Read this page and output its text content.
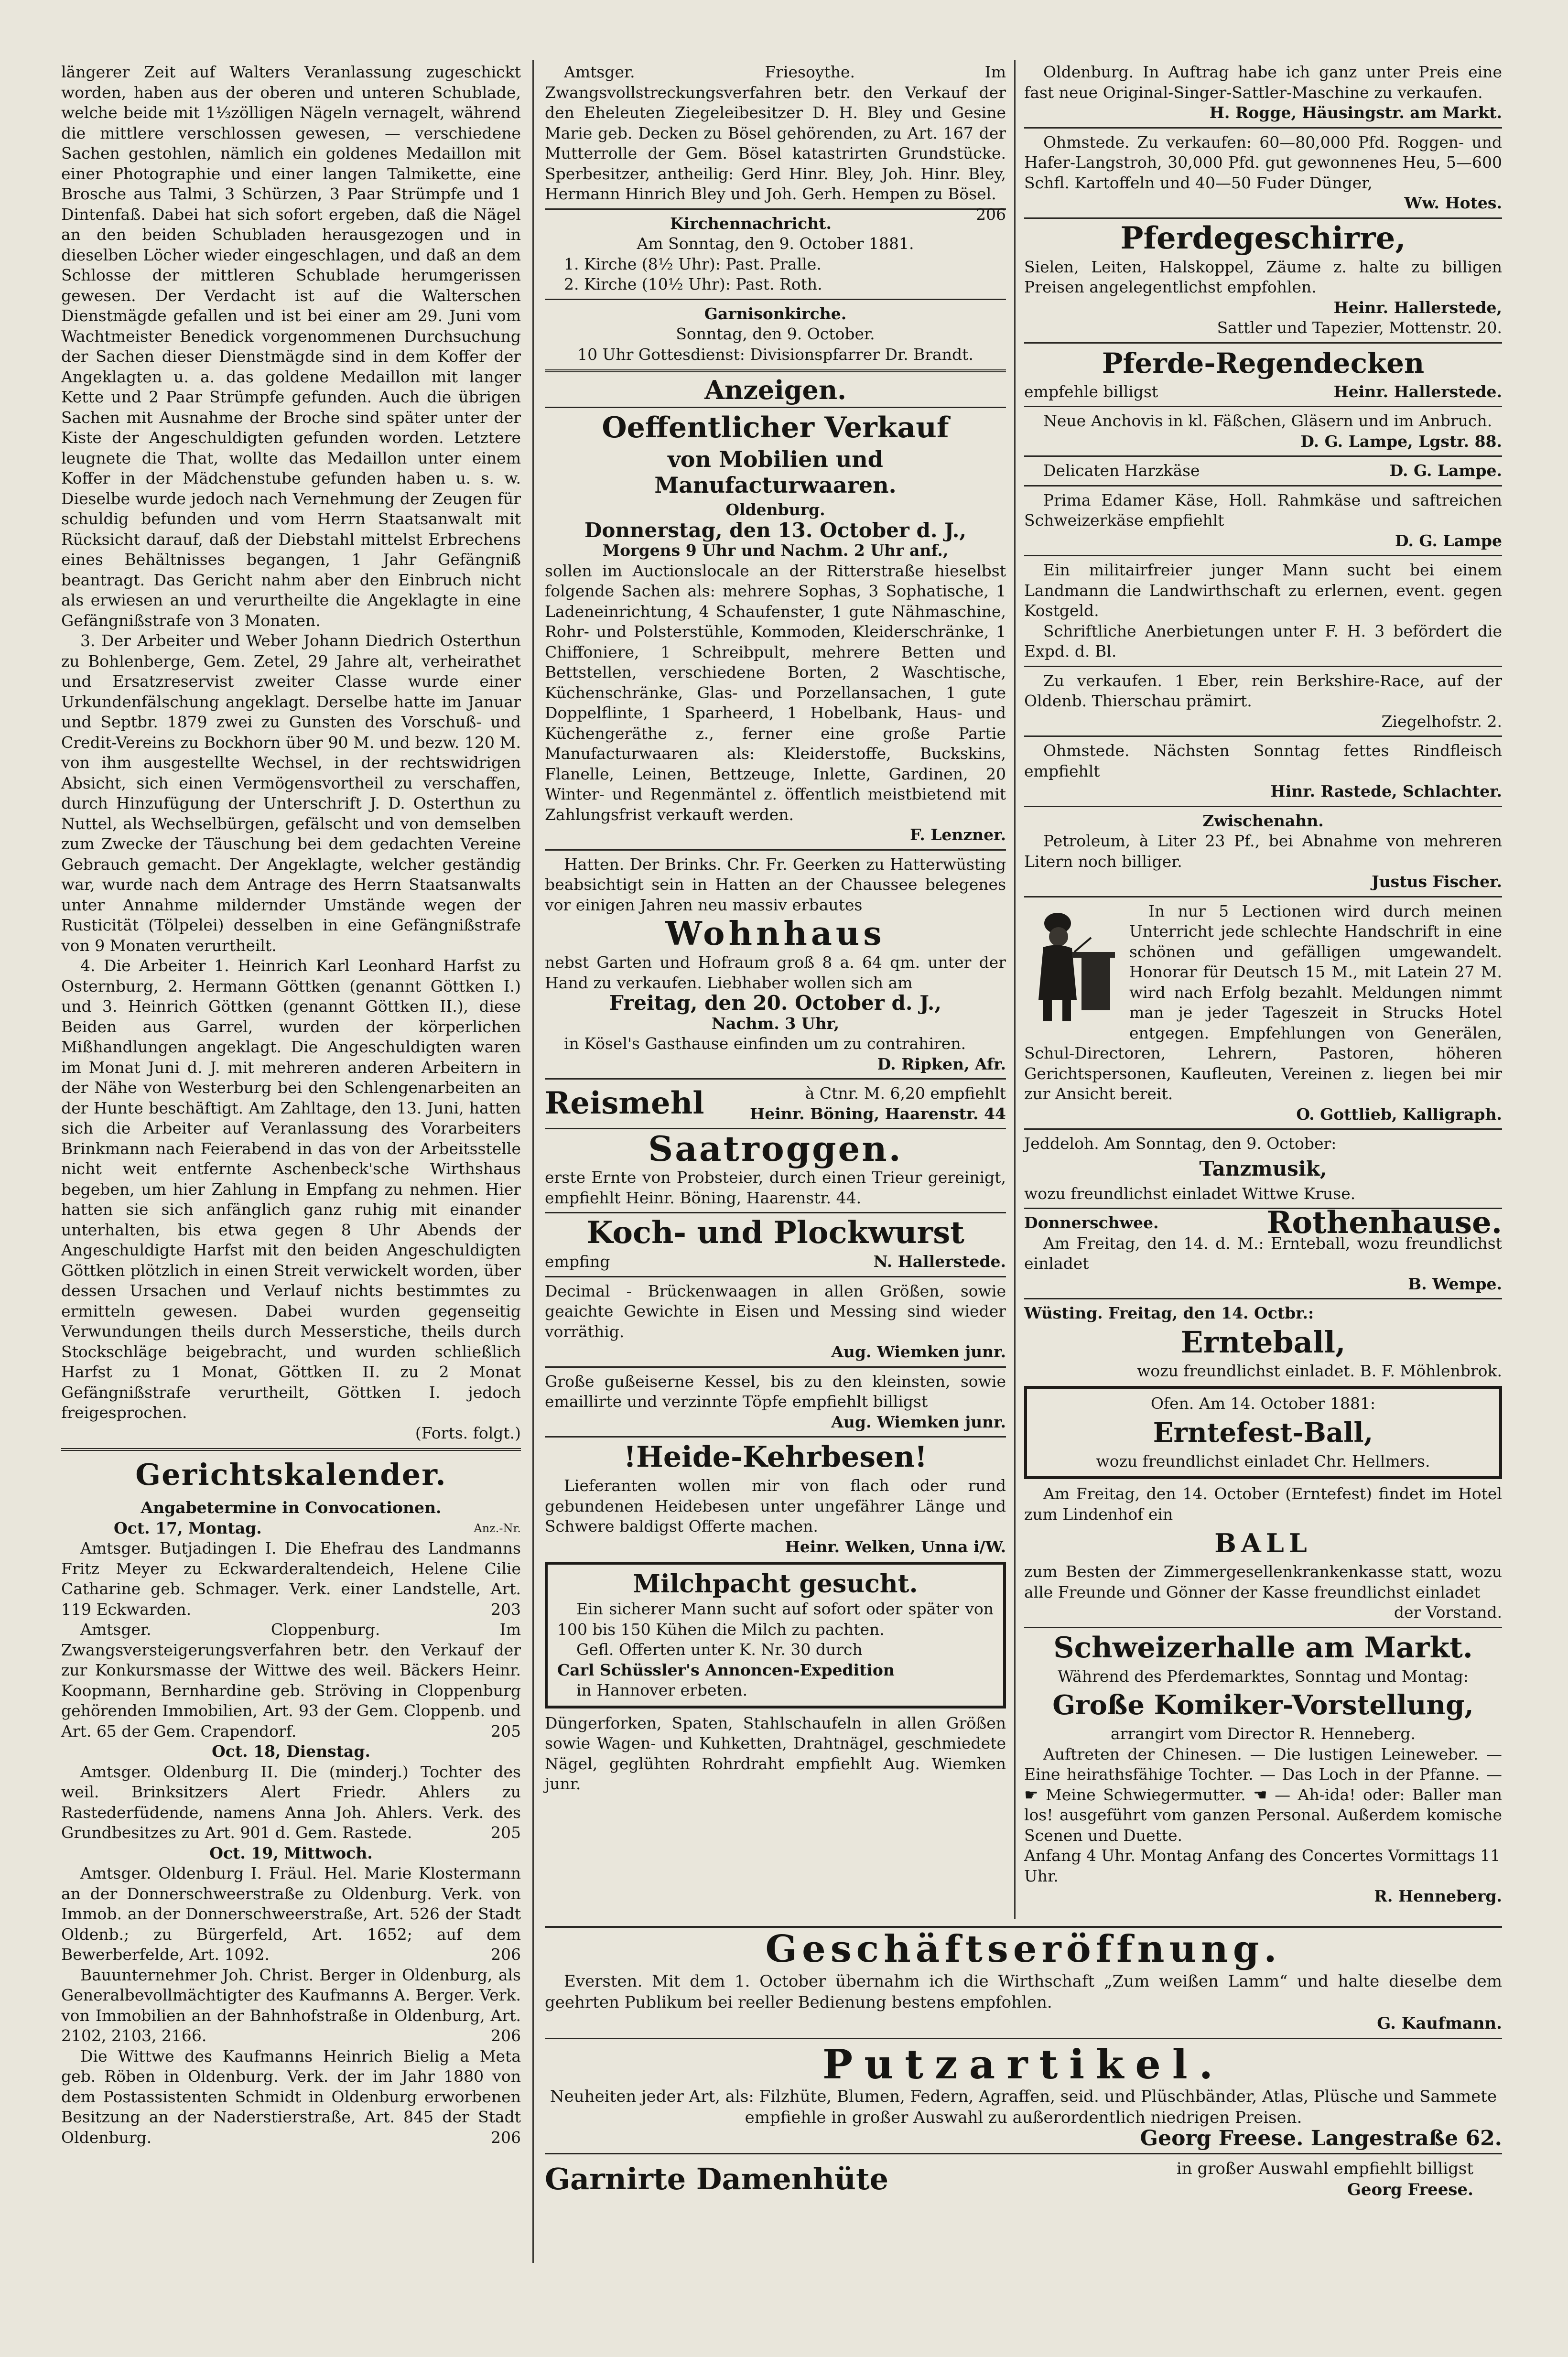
längerer Zeit auf Walters Veranlassung zugeschickt worden, haben aus der oberen und unteren Schublade, welche beide mit 1⅓zölligen Nägeln vernagelt, während die mittlere verschlossen gewesen, — verschiedene Sachen gestohlen, nämlich ein goldenes Medaillon mit einer Photographie und einer langen Talmikette, eine Brosche aus Talmi, 3 Schürzen, 3 Paar Strümpfe und 1 Dintenfaß. Dabei hat sich sofort ergeben, daß die Nägel an den beiden Schubladen herausgezogen und in dieselben Löcher wieder eingeschlagen, und daß an dem Schlosse der mittleren Schublade herumgerissen gewesen. Der Verdacht ist auf die Walterschen Dienstmägde gefallen und ist bei einer am 29. Juni vom Wachtmeister Benedick vorgenommenen Durchsuchung der Sachen dieser Dienstmägde sind in dem Koffer der Angeklagten u. a. das goldene Medaillon mit langer Kette und 2 Paar Strümpfe gefunden. Auch die übrigen Sachen mit Ausnahme der Broche sind später unter der Kiste der Angeschuldigten gefunden worden. Letztere leugnete die That, wollte das Medaillon unter einem Koffer in der Mädchenstube gefunden haben u. s. w. Dieselbe wurde jedoch nach Vernehmung der Zeugen für schuldig befunden und vom Herrn Staatsanwalt mit Rücksicht darauf, daß der Diebstahl mittelst Erbrechens eines Behältnisses begangen, 1 Jahr Gefängniß beantragt. Das Gericht nahm aber den Einbruch nicht als erwiesen an und verurtheilte die Angeklagte in eine Gefängnißstrafe von 3 Monaten.

3. Der Arbeiter und Weber Johann Diedrich Osterthun zu Bohlenberge, Gem. Zetel, 29 Jahre alt, verheirathet und Ersatzreservist zweiter Classe wurde einer Urkundenfälschung angeklagt. Derselbe hatte im Januar und Septbr. 1879 zwei zu Gunsten des Vorschuß- und Credit-Vereins zu Bockhorn über 90 M. und bezw. 120 M. von ihm ausgestellte Wechsel, in der rechtswidrigen Absicht, sich einen Vermögensvortheil zu verschaffen, durch Hinzufügung der Unterschrift J. D. Osterthun zu Nuttel, als Wechselbürgen, gefälscht und von demselben zum Zwecke der Täuschung bei dem gedachten Vereine Gebrauch gemacht. Der Angeklagte, welcher geständig war, wurde nach dem Antrage des Herrn Staatsanwalts unter Annahme mildernder Umstände wegen der Rusticität (Tölpelei) desselben in eine Gefängnißstrafe von 9 Monaten verurtheilt.

4. Die Arbeiter 1. Heinrich Karl Leonhard Harfst zu Osternburg, 2. Hermann Göttken (genannt Göttken I.) und 3. Heinrich Göttken (genannt Göttken II.), diese Beiden aus Garrel, wurden der körperlichen Mißhandlungen angeklagt. Die Angeschuldigten waren im Monat Juni d. J. mit mehreren anderen Arbeitern in der Nähe von Westerburg bei den Schlengenarbeiten an der Hunte beschäftigt. Am Zahltage, den 13. Juni, hatten sich die Arbeiter auf Veranlassung des Vorarbeiters Brinkmann nach Feierabend in das von der Arbeitsstelle nicht weit entfernte Aschenbeck'sche Wirthshaus begeben, um hier Zahlung in Empfang zu nehmen. Hier hatten sie sich anfänglich ganz ruhig mit einander unterhalten, bis etwa gegen 8 Uhr Abends der Angeschuldigte Harfst mit den beiden Angeschuldigten Göttken plötzlich in einen Streit verwickelt worden, über dessen Ursachen und Verlauf nichts bestimmtes zu ermitteln gewesen. Dabei wurden gegenseitig Verwundungen theils durch Messerstiche, theils durch Stockschläge beigebracht, und wurden schließlich Harfst zu 1 Monat, Göttken II. zu 2 Monat Gefängnißstrafe verurtheilt, Göttken I. jedoch freigesprochen.

(Forts. folgt.)

Gerichtskalender.

Angabetermine in Convocationen.

Oct. 17, Montag.	Anz.-Nr.

Amtsger. Butjadingen I. Die Ehefrau des Landmanns Fritz Meyer zu Eckwarderaltendeich, Helene Ciliе Catharine geb. Schmager. Verk. einer Landstelle, Art. 119 Eckwarden.	203

Amtsger. Cloppenburg. Im Zwangsversteigerungsverfahren betr. den Verkauf der zur Konkursmasse der Wittwe des weil. Bäckers Heinr. Koopmann, Bernhardine geb. Ströving in Cloppenburg gehörenden Immobilien, Art. 93 der Gem. Cloppenb. und Art. 65 der Gem. Crapendorf.	205

Oct. 18, Dienstag.

Amtsger. Oldenburg II. Die (minderj.) Tochter des weil. Brinksitzers Alert Friedr. Ahlers zu Rastederfüdende, namens Anna Joh. Ahlers. Verk. des Grundbesitzes zu Art. 901 d. Gem. Rastede.	205

Oct. 19, Mittwoch.

Amtsger. Oldenburg I. Fräul. Hel. Marie Klostermann an der Donnerschweerstraße zu Oldenburg. Verk. von Immob. an der Donnerschweerstraße, Art. 526 der Stadt Oldenb.; zu Bürgerfeld, Art. 1652; auf dem Bewerberfelde, Art. 1092.	206

Bauunternehmer Joh. Christ. Berger in Oldenburg, als Generalbevollmächtigter des Kaufmanns A. Berger. Verk. von Immobilien an der Bahnhofstraße in Oldenburg, Art. 2102, 2103, 2166.	206

Die Wittwe des Kaufmanns Heinrich Bielig a Meta geb. Röben in Oldenburg. Verk. der im Jahr 1880 von dem Postassistenten Schmidt in Oldenburg erworbenen Besitzung an der Naderstierstraße, Art. 845 der Stadt Oldenburg.	206

Amtsger. Friesoythe. Im Zwangsvollstreckungsverfahren betr. den Verkauf der den Eheleuten Ziegeleibesitzer D. H. Bley und Gesine Marie geb. Decken zu Bösel gehörenden, zu Art. 167 der Mutterrolle der Gem. Bösel katastrirten Grundstücke. Sperbesitzer, antheilig: Gerd Hinr. Bley, Joh. Hinr. Bley, Hermann Hinrich Bley und Joh. Gerh. Hempen zu Bösel.
206

Kirchennachricht.

Am Sonntag, den 9. October 1881.

1. Kirche (8½ Uhr): Past. Pralle.

2. Kirche (10½ Uhr): Past. Roth.

Garnisonkirche.

Sonntag, den 9. October.

10 Uhr Gottesdienst: Divisionspfarrer Dr. Brandt.

Anzeigen.

Oeffentlicher Verkauf

von Mobilien und Manufacturwaaren.

Oldenburg.

Donnerstag, den 13. October d. J.,

Morgens 9 Uhr und Nachm. 2 Uhr anf.,

sollen im Auctionslocale an der Ritterstraße hieselbst folgende Sachen als: mehrere Sophas, 3 Sophatische, 1 Ladeneinrichtung, 4 Schaufenster, 1 gute Nähmaschine, Rohr- und Polsterstühle, Kommoden, Kleiderschränke, 1 Chiffoniere, 1 Schreibpult, mehrere Betten und Bettstellen, verschiedene Borten, 2 Waschtische, Küchenschränke, Glas- und Porzellansachen, 1 gute Doppelflinte, 1 Sparheerd, 1 Hobelbank, Haus- und Küchengeräthe z., ferner eine große Partie Manufacturwaaren als: Kleiderstoffe, Buckskins, Flanelle, Leinen, Bettzeuge, Inlette, Gardinen, 20 Winter- und Regenmäntel z. öffentlich meistbietend mit Zahlungsfrist verkauft werden.

F. Lenzner.

Hatten. Der Brinks. Chr. Fr. Geerken zu Hatterwüsting beabsichtigt sein in Hatten an der Chaussee belegenes vor einigen Jahren neu massiv erbautes

Wohnhaus

nebst Garten und Hofraum groß 8 a. 64 qm. unter der Hand zu verkaufen. Liebhaber wollen sich am

Freitag, den 20. October d. J.,

Nachm. 3 Uhr,

in Kösel's Gasthause einfinden um zu contrahiren.

D. Ripken, Afr.

Reismehl	à Ctnr. M. 6,20 empfiehlt
Heinr. Böning, Haarenstr. 44

Saatroggen.

erste Ernte von Probsteier, durch einen Trieur gereinigt, empfiehlt Heinr. Böning, Haarenstr. 44.

Koch- und Plockwurst

empfing	N. Hallerstede.

Decimal - Brückenwaagen in allen Größen, sowie geaichte Gewichte in Eisen und Messing sind wieder vorräthig.

Aug. Wiemken junr.

Große gußeiserne Kessel, bis zu den kleinsten, sowie emaillirte und verzinnte Töpfe empfiehlt billigst

Aug. Wiemken junr.

!Heide-Kehrbesen!

Lieferanten wollen mir von flach oder rund gebundenen Heidebesen unter ungefährer Länge und Schwere baldigst Offerte machen.

Heinr. Welken, Unna i/W.

Milchpacht gesucht.

Ein sicherer Mann sucht auf sofort oder später von 100 bis 150 Kühen die Milch zu pachten.

Gefl. Offerten unter K. Nr. 30 durch

Carl Schüssler's Annoncen-Expedition

in Hannover erbeten.

Düngerforken, Spaten, Stahlschaufeln in allen Größen sowie Wagen- und Kuhketten, Drahtnägel, geschmiedete Nägel, geglühten Rohrdraht empfiehlt Aug. Wiemken junr.

Oldenburg. In Auftrag habe ich ganz unter Preis eine fast neue Original-Singer-Sattler-Maschine zu verkaufen.

H. Rogge, Häusingstr. am Markt.

Ohmstede. Zu verkaufen: 60—80,000 Pfd. Roggen- und Hafer-Langstroh, 30,000 Pfd. gut gewonnenes Heu, 5—600 Schfl. Kartoffeln und 40—50 Fuder Dünger,

Ww. Hotes.

Pferdegeschirre,

Sielen, Leiten, Halskoppel, Zäume z. halte zu billigen Preisen angelegentlichst empfohlen.

Heinr. Hallerstede,

Sattler und Tapezier, Mottenstr. 20.

Pferde-Regendecken

empfehle billigst	Heinr. Hallerstede.

Neue Anchovis in kl. Fäßchen, Gläsern und im Anbruch.

D. G. Lampe, Lgstr. 88.

Delicaten Harzkäse	D. G. Lampe.

Prima Edamer Käse, Holl. Rahmkäse und saftreichen Schweizerkäse empfiehlt

D. G. Lampe

Ein militairfreier junger Mann sucht bei einem Landmann die Landwirthschaft zu erlernen, event. gegen Kostgeld.

Schriftliche Anerbietungen unter F. H. 3 befördert die Expd. d. Bl.

Zu verkaufen. 1 Eber, rein Berkshire-Race, auf der Oldenb. Thierschau prämirt.

Ziegelhofstr. 2.

Ohmstede. Nächsten Sonntag fettes Rindfleisch empfiehlt

Hinr. Rastede, Schlachter.

Zwischenahn.

Petroleum, à Liter 23 Pf., bei Abnahme von mehreren Litern noch billiger.

Justus Fischer.

In nur 5 Lectionen wird durch meinen Unterricht jede schlechte Handschrift in eine schönen und gefälligen umgewandelt. Honorar für Deutsch 15 M., mit Latein 27 M. wird nach Erfolg bezahlt. Meldungen nimmt man je jeder Tageszeit in Strucks Hotel entgegen. Empfehlungen von Generälen, Schul-Directoren, Lehrern, Pastoren, höheren Gerichtspersonen, Kaufleuten, Vereinen z. liegen bei mir zur Ansicht bereit.

O. Gottlieb, Kalligraph.

Jeddeloh. Am Sonntag, den 9. October:

Tanzmusik,

wozu freundlichst einladet Wittwe Kruse.

Donnerschwee.	Rothenhause.

Am Freitag, den 14. d. M.: Ernteball, wozu freundlichst einladet

B. Wempe.

Wüsting. Freitag, den 14. Octbr.:

Ernteball,

wozu freundlichst einladet. B. F. Möhlenbrok.

Ofen. Am 14. October 1881:

Erntefest-Ball,

wozu freundlichst einladet Chr. Hellmers.

Am Freitag, den 14. October (Erntefest) findet im Hotel zum Lindenhof ein

BALL

zum Besten der Zimmergesellenkrankenkasse statt, wozu alle Freunde und Gönner der Kasse freundlichst einladet

der Vorstand.

Schweizerhalle am Markt.

Während des Pferdemarktes, Sonntag und Montag:

Große Komiker-Vorstellung,

arrangirt vom Director R. Henneberg.

Auftreten der Chinesen. — Die lustigen Leineweber. — Eine heirathsfähige Tochter. — Das Loch in der Pfanne. — ☛ Meine Schwiegermutter. ☚ — Ah-ida! oder: Baller man los! ausgeführt vom ganzen Personal. Außerdem komische Scenen und Duette.

Anfang 4 Uhr. Montag Anfang des Concertes Vormittags 11 Uhr.

R. Henneberg.

Geschäftseröffnung.

Eversten. Mit dem 1. October übernahm ich die Wirthschaft „Zum weißen Lamm“ und halte dieselbe dem geehrten Publikum bei reeller Bedienung bestens empfohlen.

G. Kaufmann.

Putzartikel.

Neuheiten jeder Art, als: Filzhüte, Blumen, Federn, Agraffen, seid. und Plüschbänder, Atlas, Plüsche und Sammete empfiehle in großer Auswahl zu außerordentlich niedrigen Preisen.

Georg Freese. Langestraße 62.

Garnirte Damenhüte	in großer Auswahl empfiehlt billigst
Georg Freese.
